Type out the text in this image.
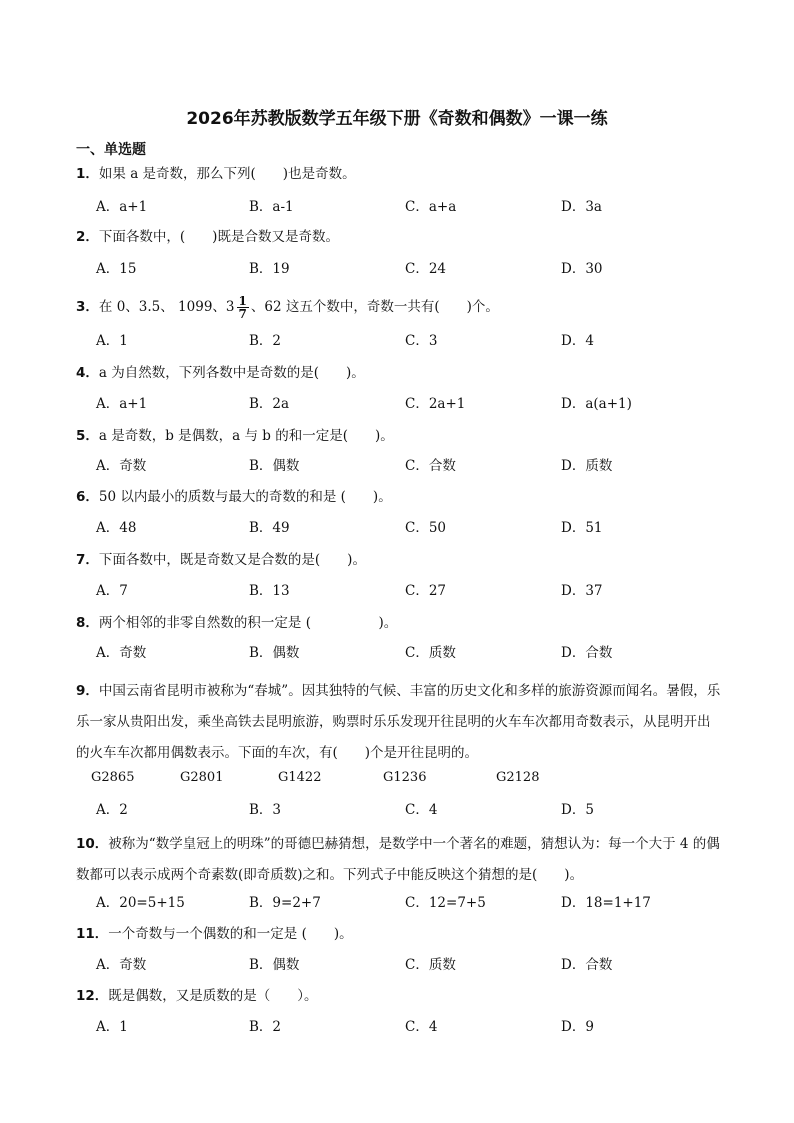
2026年苏教版数学五年级下册《奇数和偶数》一课一练
一、单选题
1．如果 a 是奇数，那么下列(　　)也是奇数。
A．a+1	B．a-1	C．a+a	D．3a
2．下面各数中，(　　)既是合数又是奇数。
A．15	B．19	C．24	D．30
3．在 0、3.5、 1099、$3 \frac{1}{7}$ 、62 这五个数中，奇数一共有(　　)个。
A．1	B．2	C．3	D．4
4．a 为自然数，下列各数中是奇数的是(　　)。
A．a+1	B．2a	C．2a+1	D．a(a+1)
5．a 是奇数，b 是偶数，a 与 b 的和一定是(　　)。
A．奇数	B．偶数	C．合数	D．质数
6．50 以内最小的质数与最大的奇数的和是 (　　)。
A．48	B．49	C．50	D．51
7．下面各数中，既是奇数又是合数的是(　　)。
A．7	B．13	C．27	D．37
8．两个相邻的非零自然数的积一定是 (　　　　　)。
A．奇数	B．偶数	C．质数	D．合数
9．中国云南省昆明市被称为“春城”。因其独特的气候、丰富的历史文化和多样的旅游资源而闻名。暑假，乐乐一家从贵阳出发，乘坐高铁去昆明旅游，购票时乐乐发现开往昆明的火车车次都用奇数表示，从昆明开出的火车车次都用偶数表示。下面的车次，有(　　)个是开往昆明的。
G2865	G2801	G1422	G1236	G2128
A．2	B．3	C．4	D．5
10．被称为“数学皇冠上的明珠”的哥德巴赫猜想，是数学中一个著名的难题，猜想认为：每一个大于 4 的偶数都可以表示成两个奇素数(即奇质数)之和。下列式子中能反映这个猜想的是(　　)。
A．20=5+15	B．9=2+7	C．12=7+5	D．18=1+17
11．一个奇数与一个偶数的和一定是 (　　)。
A．奇数	B．偶数	C．质数	D．合数
12．既是偶数，又是质数的是（　　）。
A．1	B．2	C．4	D．9
